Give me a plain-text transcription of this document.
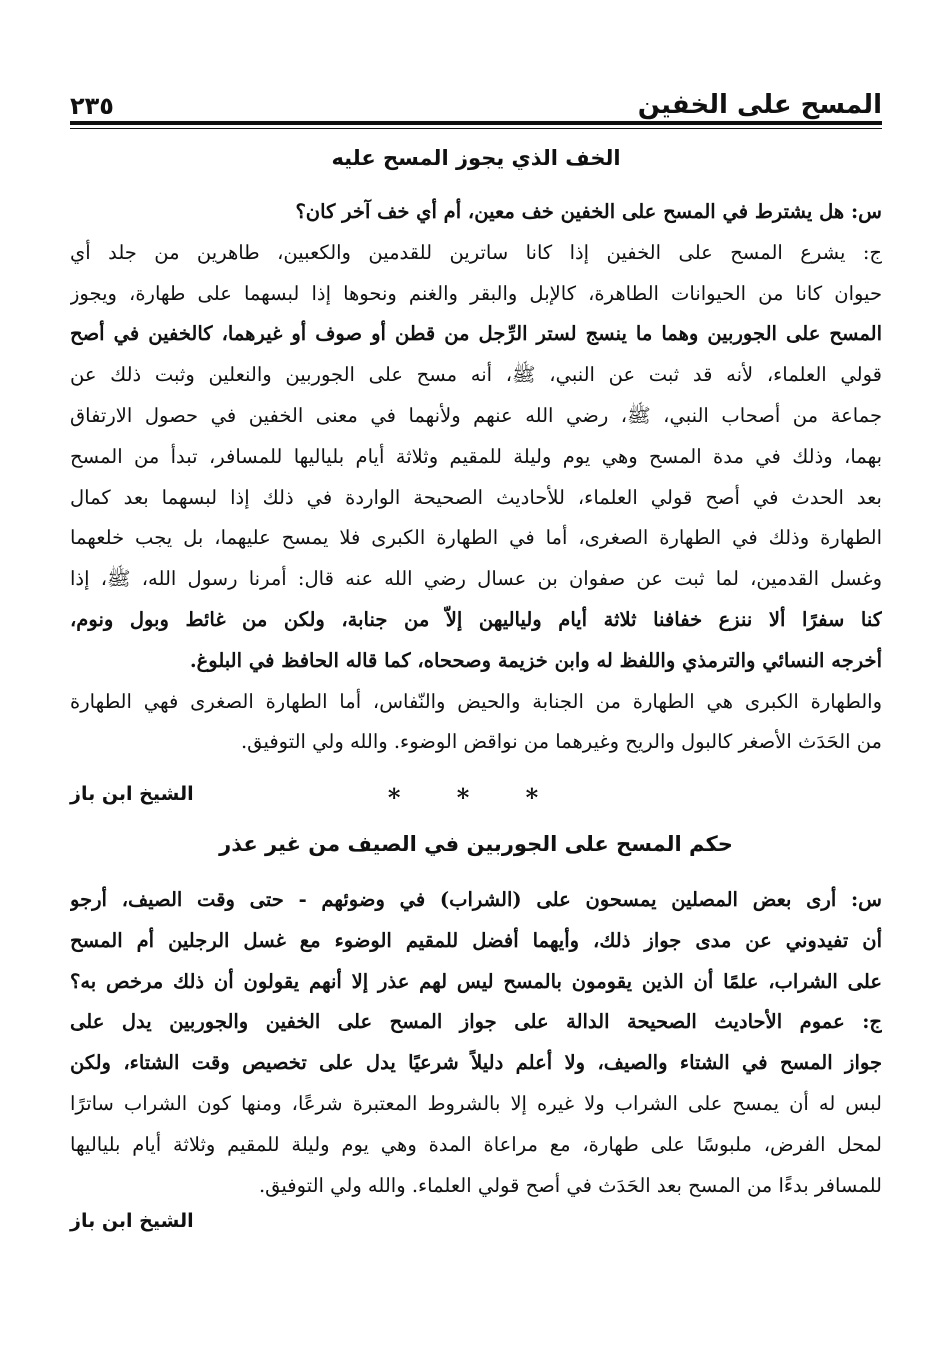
المسح على الخفين
٢٣٥
الخف الذي يجوز المسح عليه
س: هل يشترط في المسح على الخفين خف معين، أم أي خف آخر كان؟
ج: يشرع المسح على الخفين إذا كانا ساترين للقدمين والكعبين، طاهرين من جلد أي
حيوان كانا من الحيوانات الطاهرة، كالإبل والبقر والغنم ونحوها إذا لبسهما على طهارة، ويجوز
المسح على الجوربين وهما ما ينسج لستر الرِّجل من قطن أو صوف أو غيرهما، كالخفين في أصح
قولي العلماء، لأنه قد ثبت عن النبي، ﷺ، أنه مسح على الجوربين والنعلين وثبت ذلك عن
جماعة من أصحاب النبي، ﷺ، رضي الله عنهم ولأنهما في معنى الخفين في حصول الارتفاق
بهما، وذلك في مدة المسح وهي يوم وليلة للمقيم وثلاثة أيام بلياليها للمسافر، تبدأ من المسح
بعد الحدث في أصح قولي العلماء، للأحاديث الصحيحة الواردة في ذلك إذا لبسهما بعد كمال
الطهارة وذلك في الطهارة الصغرى، أما في الطهارة الكبرى فلا يمسح عليهما، بل يجب خلعهما
وغسل القدمين، لما ثبت عن صفوان بن عسال رضي الله عنه قال: أمرنا رسول الله، ﷺ، إذا
كنا سفرًا ألا ننزع خفافنا ثلاثة أيام ولياليهن إلاّ من جنابة، ولكن من غائط وبول ونوم،
أخرجه النسائي والترمذي واللفظ له وابن خزيمة وصححاه، كما قاله الحافظ في البلوغ.
والطهارة الكبرى هي الطهارة من الجنابة والحيض والنّفاس، أما الطهارة الصغرى فهي الطهارة
من الحَدَث الأصغر كالبول والريح وغيرهما من نواقض الوضوء. والله ولي التوفيق.
الشيخ ابن باز	* * *
حكم المسح على الجوربين في الصيف من غير عذر
س: أرى بعض المصلين يمسحون على (الشراب) في وضوئهم - حتى وقت الصيف، أرجو
أن تفيدوني عن مدى جواز ذلك، وأيهما أفضل للمقيم الوضوء مع غسل الرجلين أم المسح
على الشراب، علمًا أن الذين يقومون بالمسح ليس لهم عذر إلا أنهم يقولون أن ذلك مرخص به؟
ج: عموم الأحاديث الصحيحة الدالة على جواز المسح على الخفين والجوربين يدل على
جواز المسح في الشتاء والصيف، ولا أعلم دليلاً شرعيًا يدل على تخصيص وقت الشتاء، ولكن
لبس له أن يمسح على الشراب ولا غيره إلا بالشروط المعتبرة شرعًا، ومنها كون الشراب ساترًا
لمحل الفرض، ملبوسًا على طهارة، مع مراعاة المدة وهي يوم وليلة للمقيم وثلاثة أيام بلياليها
للمسافر بدءًا من المسح بعد الحَدَث في أصح قولي العلماء. والله ولي التوفيق.
الشيخ ابن باز
